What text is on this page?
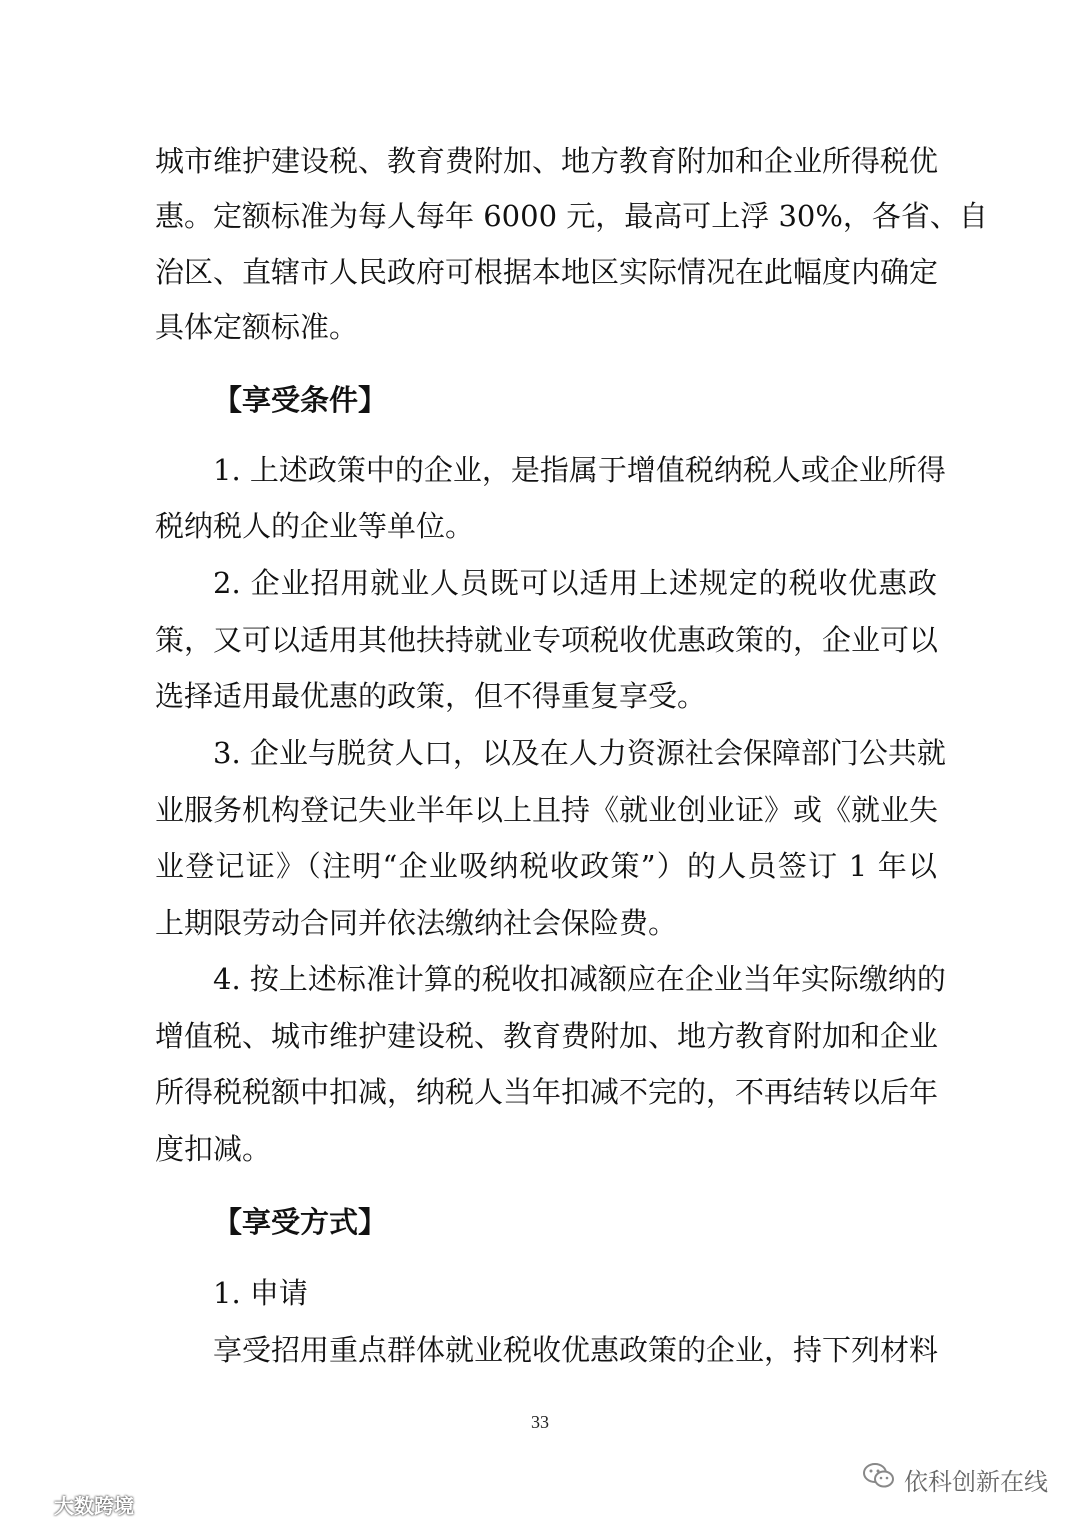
城市维护建设税、教育费附加、地方教育附加和企业所得税优
惠。定额标准为每人每年 6000 元，最高可上浮 30%，各省、自
治区、直辖市人民政府可根据本地区实际情况在此幅度内确定
具体定额标准。
【享受条件】
1. 上述政策中的企业，是指属于增值税纳税人或企业所得
税纳税人的企业等单位。
2. 企业招用就业人员既可以适用上述规定的税收优惠政
策，又可以适用其他扶持就业专项税收优惠政策的，企业可以
选择适用最优惠的政策，但不得重复享受。
3. 企业与脱贫人口，以及在人力资源社会保障部门公共就
业服务机构登记失业半年以上且持《就业创业证》或《就业失
业登记证》（注明“企业吸纳税收政策”）的人员签订 1 年以
上期限劳动合同并依法缴纳社会保险费。
4. 按上述标准计算的税收扣减额应在企业当年实际缴纳的
增值税、城市维护建设税、教育费附加、地方教育附加和企业
所得税税额中扣减，纳税人当年扣减不完的，不再结转以后年
度扣减。
【享受方式】
1. 申请
享受招用重点群体就业税收优惠政策的企业，持下列材料
33
大数跨境
依科创新在线
